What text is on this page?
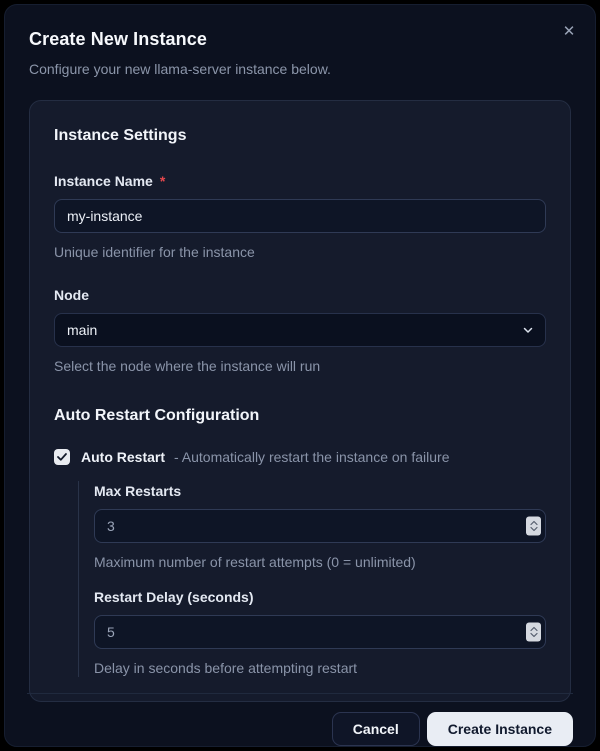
Create New Instance
Configure your new llama-server instance below.
✕
Instance Settings
Instance Name *
my-instance
Unique identifier for the instance
Node
main
Select the node where the instance will run
Auto Restart Configuration
Auto Restart - Automatically restart the instance on failure
Max Restarts
3
Maximum number of restart attempts (0 = unlimited)
Restart Delay (seconds)
5
Delay in seconds before attempting restart
Cancel	Create Instance
